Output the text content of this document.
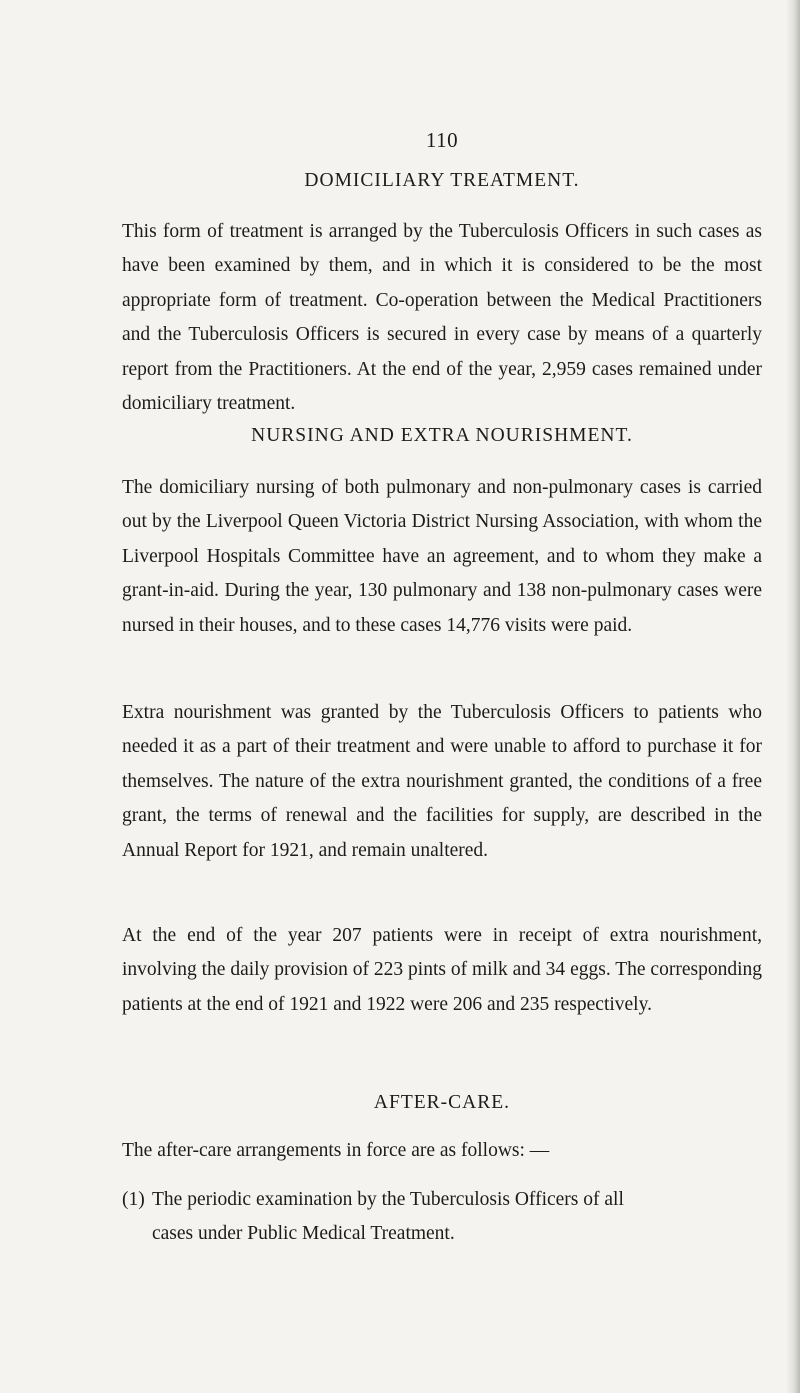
110
DOMICILIARY TREATMENT.

This form of treatment is arranged by the Tuberculosis Officers in such cases as have been examined by them, and in which it is considered to be the most appropriate form of treatment. Co-operation between the Medical Practitioners and the Tuberculosis Officers is secured in every case by means of a quarterly report from the Practitioners. At the end of the year, 2,959 cases remained under domiciliary treatment.

NURSING AND EXTRA NOURISHMENT.

The domiciliary nursing of both pulmonary and non-pulmonary cases is carried out by the Liverpool Queen Victoria District Nursing Association, with whom the Liverpool Hospitals Committee have an agreement, and to whom they make a grant-in-aid. During the year, 130 pulmonary and 138 non-pulmonary cases were nursed in their houses, and to these cases 14,776 visits were paid.

Extra nourishment was granted by the Tuberculosis Officers to patients who needed it as a part of their treatment and were unable to afford to purchase it for themselves. The nature of the extra nourishment granted, the conditions of a free grant, the terms of renewal and the facilities for supply, are described in the Annual Report for 1921, and remain unaltered.

At the end of the year 207 patients were in receipt of extra nourishment, involving the daily provision of 223 pints of milk and 34 eggs. The corresponding patients at the end of 1921 and 1922 were 206 and 235 respectively.

AFTER-CARE.

The after-care arrangements in force are as follows: —

(1) The periodic examination by the Tuberculosis Officers of all
cases under Public Medical Treatment.
